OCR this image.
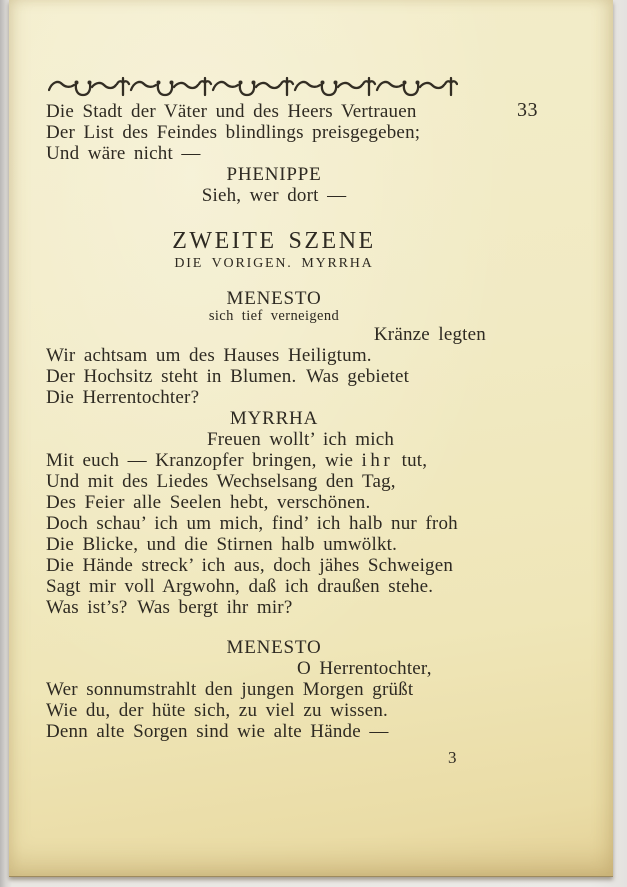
33
Die Stadt der Väter und des Heers Vertrauen
Der List des Feindes blindlings preisgegeben;
Und wäre nicht —
PHENIPPE
Sieh, wer dort —
ZWEITE SZENE
DIE VORIGEN. MYRRHA
MENESTO
sich tief verneigend
Kränze legten
Wir achtsam um des Hauses Heiligtum.
Der Hochsitz steht in Blumen. Was gebietet
Die Herrentochter?
MYRRHA
Freuen wollt’ ich mich
Mit euch — Kranzopfer bringen, wie ihr tut,
Und mit des Liedes Wechselsang den Tag,
Des Feier alle Seelen hebt, verschönen.
Doch schau’ ich um mich, find’ ich halb nur froh
Die Blicke, und die Stirnen halb umwölkt.
Die Hände streck’ ich aus, doch jähes Schweigen
Sagt mir voll Argwohn, daß ich draußen stehe.
Was ist’s? Was bergt ihr mir?
MENESTO
O Herrentochter,
Wer sonnumstrahlt den jungen Morgen grüßt
Wie du, der hüte sich, zu viel zu wissen.
Denn alte Sorgen sind wie alte Hände —
3
